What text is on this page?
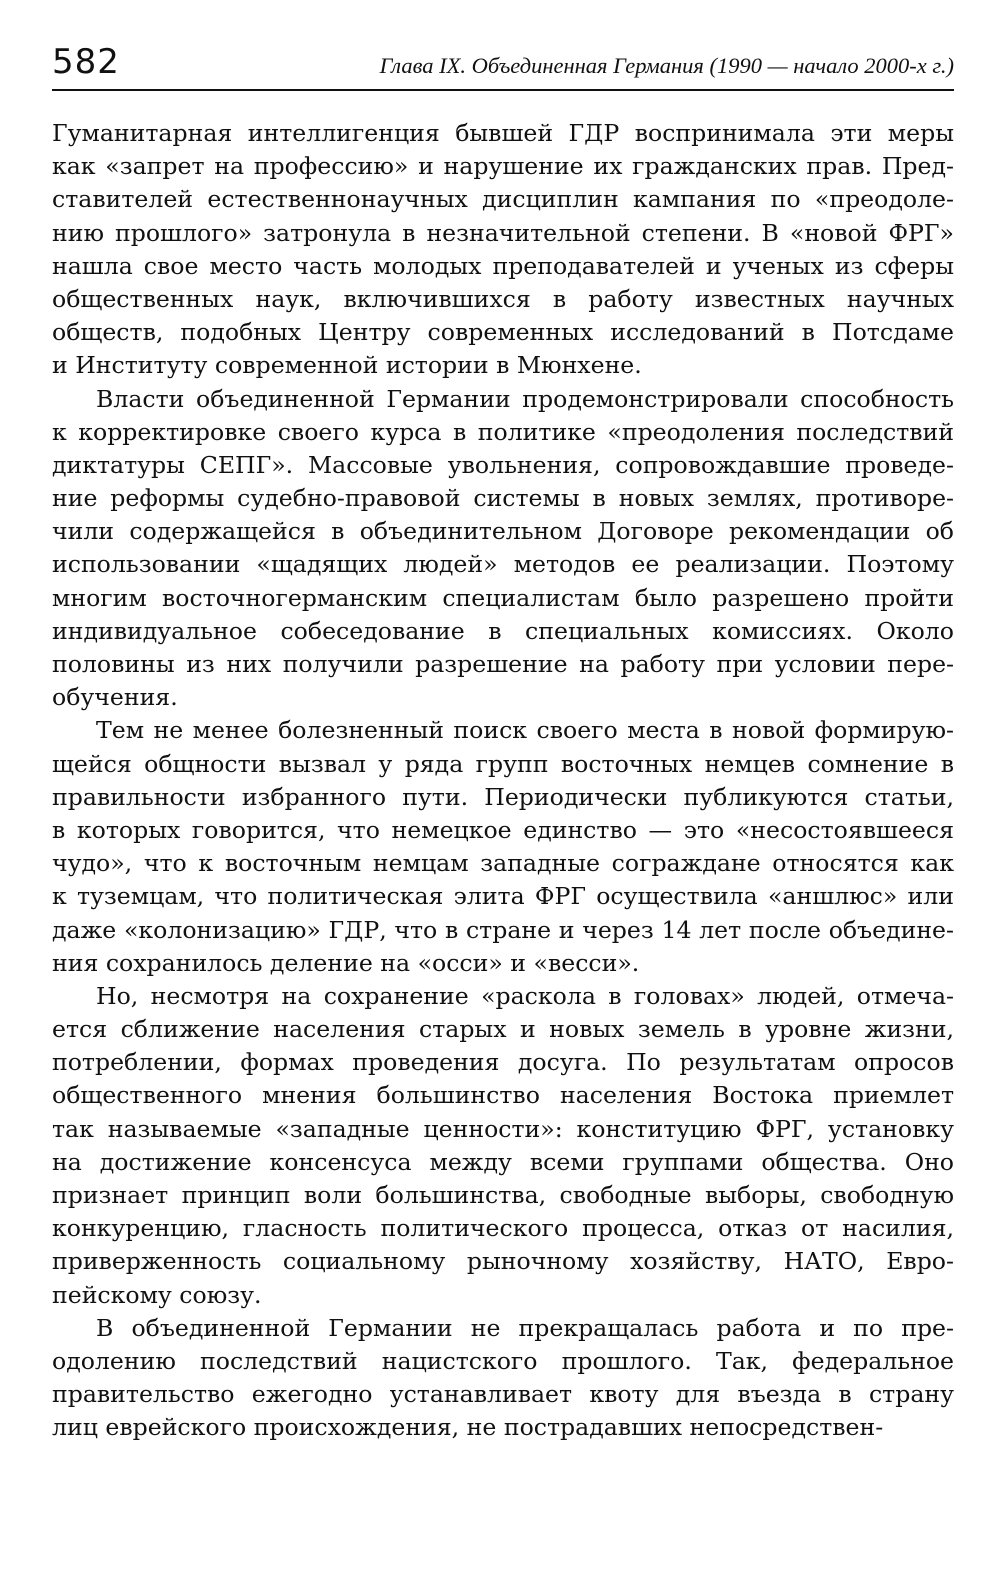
582	Глава IX. Объединенная Германия (1990 — начало 2000-х г.)

Гуманитарная интеллигенция бывшей ГДР воспринимала эти меры
как «запрет на профессию» и нарушение их гражданских прав. Пред-
ставителей естественнонаучных дисциплин кампания по «преодоле-
нию прошлого» затронула в незначительной степени. В «новой ФРГ»
нашла свое место часть молодых преподавателей и ученых из сферы
общественных наук, включившихся в работу известных научных
обществ, подобных Центру современных исследований в Потсдаме
и Институту современной истории в Мюнхене.

Власти объединенной Германии продемонстрировали способность
к корректировке своего курса в политике «преодоления последствий
диктатуры СЕПГ». Массовые увольнения, сопровождавшие проведе-
ние реформы судебно-правовой системы в новых землях, противоре-
чили содержащейся в объединительном Договоре рекомендации об
использовании «щадящих людей» методов ее реализации. Поэтому
многим восточногерманским специалистам было разрешено пройти
индивидуальное собеседование в специальных комиссиях. Около
половины из них получили разрешение на работу при условии пере-
обучения.

Тем не менее болезненный поиск своего места в новой формирую-
щейся общности вызвал у ряда групп восточных немцев сомнение в
правильности избранного пути. Периодически публикуются статьи,
в которых говорится, что немецкое единство — это «несостоявшееся
чудо», что к восточным немцам западные сограждане относятся как
к туземцам, что политическая элита ФРГ осуществила «аншлюс» или
даже «колонизацию» ГДР, что в стране и через 14 лет после объедине-
ния сохранилось деление на «осси» и «весси».

Но, несмотря на сохранение «раскола в головах» людей, отмеча-
ется сближение населения старых и новых земель в уровне жизни,
потреблении, формах проведения досуга. По результатам опросов
общественного мнения большинство населения Востока приемлет
так называемые «западные ценности»: конституцию ФРГ, установку
на достижение консенсуса между всеми группами общества. Оно
признает принцип воли большинства, свободные выборы, свободную
конкуренцию, гласность политического процесса, отказ от насилия,
приверженность социальному рыночному хозяйству, НАТО, Евро-
пейскому союзу.

В объединенной Германии не прекращалась работа и по пре-
одолению последствий нацистского прошлого. Так, федеральное
правительство ежегодно устанавливает квоту для въезда в страну
лиц еврейского происхождения, не пострадавших непосредствен-
